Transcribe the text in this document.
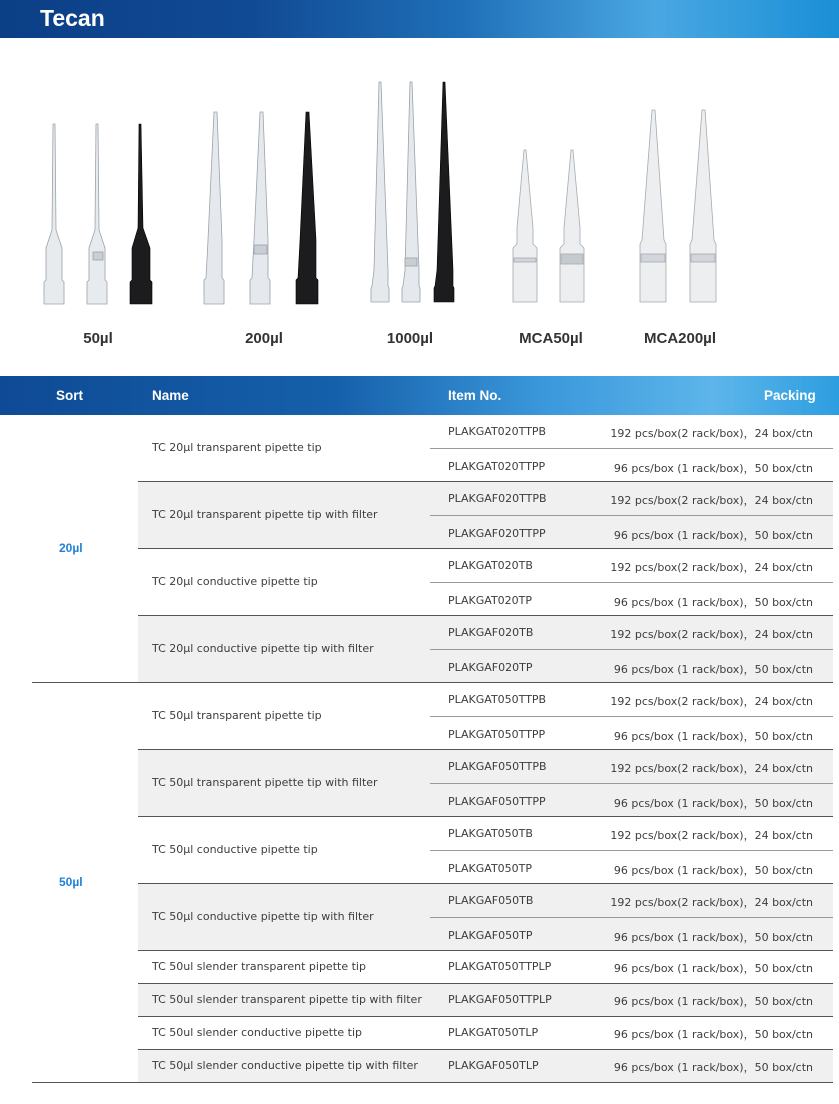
Tecan
50µl	200µl	1000µl	MCA50µl	MCA200µl
Sort	Name	Item No.	Packing
TC 20µl transparent pipette tip
PLAKGAT020TTPB	192 pcs/box(2 rack/box)，24 box/ctn
PLAKGAT020TTPP	96 pcs/box (1 rack/box)，50 box/ctn
TC 20µl transparent pipette tip with filter
PLAKGAF020TTPB	192 pcs/box(2 rack/box)，24 box/ctn
PLAKGAF020TTPP	96 pcs/box (1 rack/box)，50 box/ctn
TC 20µl conductive pipette tip
PLAKGAT020TB	192 pcs/box(2 rack/box)，24 box/ctn
PLAKGAT020TP	96 pcs/box (1 rack/box)，50 box/ctn
TC 20µl conductive pipette tip with filter
PLAKGAF020TB	192 pcs/box(2 rack/box)，24 box/ctn
PLAKGAF020TP	96 pcs/box (1 rack/box)，50 box/ctn
20µl
TC 50µl transparent pipette tip
PLAKGAT050TTPB	192 pcs/box(2 rack/box)，24 box/ctn
PLAKGAT050TTPP	96 pcs/box (1 rack/box)，50 box/ctn
TC 50µl transparent pipette tip with filter
PLAKGAF050TTPB	192 pcs/box(2 rack/box)，24 box/ctn
PLAKGAF050TTPP	96 pcs/box (1 rack/box)，50 box/ctn
TC 50µl conductive pipette tip
PLAKGAT050TB	192 pcs/box(2 rack/box)，24 box/ctn
PLAKGAT050TP	96 pcs/box (1 rack/box)，50 box/ctn
TC 50µl conductive pipette tip with filter
PLAKGAF050TB	192 pcs/box(2 rack/box)，24 box/ctn
PLAKGAF050TP	96 pcs/box (1 rack/box)，50 box/ctn
TC 50ul slender transparent pipette tip	PLAKGAT050TTPLP	96 pcs/box (1 rack/box)，50 box/ctn
TC 50ul slender transparent pipette tip with filter PLAKGAF050TTPLP	96 pcs/box (1 rack/box)，50 box/ctn
TC 50ul slender conductive pipette tip	PLAKGAT050TLP	96 pcs/box (1 rack/box)，50 box/ctn
TC 50µl slender conductive pipette tip with filter	PLAKGAF050TLP	96 pcs/box (1 rack/box)，50 box/ctn
50µl
